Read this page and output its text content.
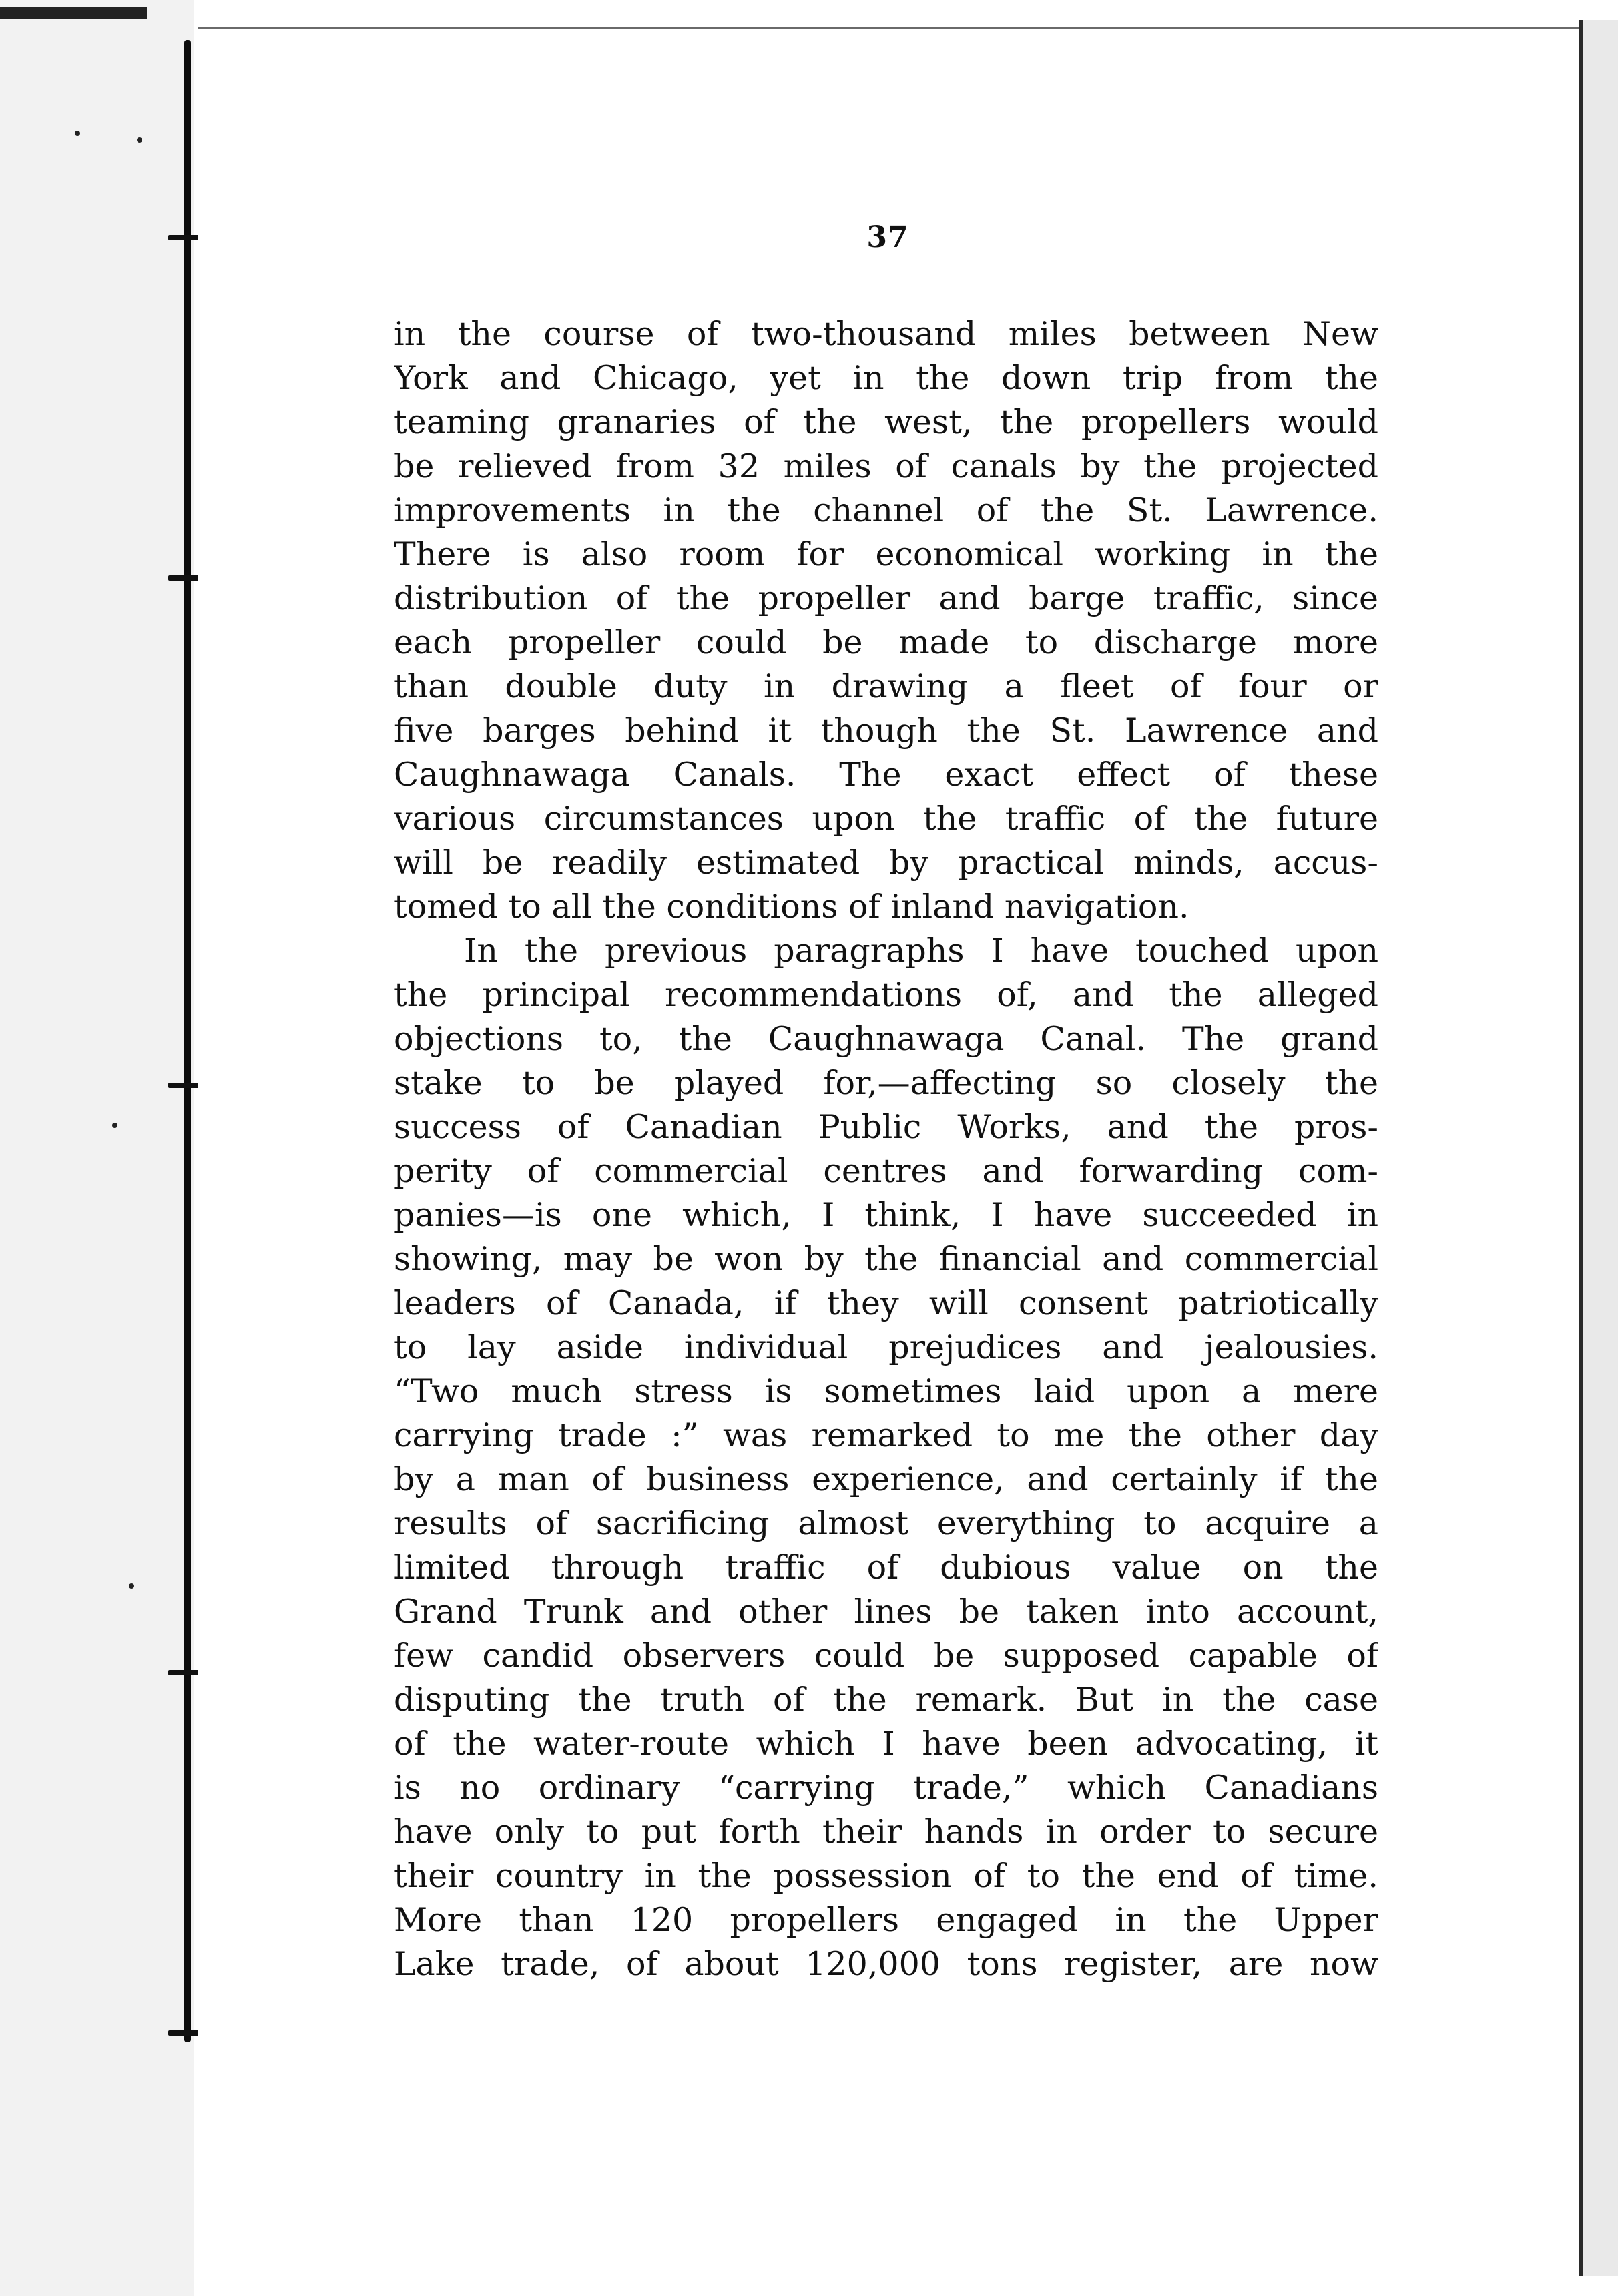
37
in the course of two-thousand miles between New
York and Chicago, yet in the down trip from the
teaming granaries of the west, the propellers would
be relieved from 32 miles of canals by the projected
improvements in the channel of the St. Lawrence.
There is also room for economical working in the
distribution of the propeller and barge traffic, since
each propeller could be made to discharge more
than double duty in drawing a fleet of four or
five barges behind it though the St. Lawrence and
Caughnawaga Canals. The exact effect of these
various circumstances upon the traffic of the future
will be readily estimated by practical minds, accus-
tomed to all the conditions of inland navigation.
In the previous paragraphs I have touched upon
the principal recommendations of, and the alleged
objections to, the Caughnawaga Canal. The grand
stake to be played for,—affecting so closely the
success of Canadian Public Works, and the pros-
perity of commercial centres and forwarding com-
panies—is one which, I think, I have succeeded in
showing, may be won by the financial and commercial
leaders of Canada, if they will consent patriotically
to lay aside individual prejudices and jealousies.
“Two much stress is sometimes laid upon a mere
carrying trade :” was remarked to me the other day
by a man of business experience, and certainly if the
results of sacrificing almost everything to acquire a
limited through traffic of dubious value on the
Grand Trunk and other lines be taken into account,
few candid observers could be supposed capable of
disputing the truth of the remark. But in the case
of the water-route which I have been advocating, it
is no ordinary “carrying trade,” which Canadians
have only to put forth their hands in order to secure
their country in the possession of to the end of time.
More than 120 propellers engaged in the Upper
Lake trade, of about 120,000 tons register, are now
